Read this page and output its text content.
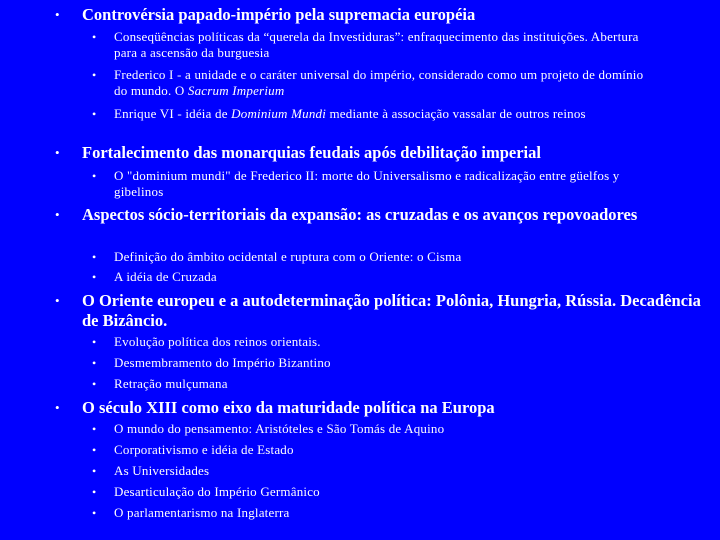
• Controvérsia papado-império pela supremacia européia
• Conseqüências políticas da “querela da Investiduras”: enfraquecimento das instituições. Abertura para a ascensão da burguesia
• Frederico I - a unidade e o caráter universal do império, considerado como um projeto de domínio do mundo. O Sacrum Imperium
• Enrique VI - idéia de Dominium Mundi mediante à associação vassalar de outros reinos
• Fortalecimento das monarquias feudais após debilitação imperial
• O "dominium mundi" de Frederico II: morte do Universalismo e radicalização entre güelfos y gibelinos
• Aspectos sócio-territoriais da expansão: as cruzadas e os avanços repovoadores
• Definição do âmbito ocidental e ruptura com o Oriente: o Cisma
• A idéia de Cruzada
• O Oriente europeu e a autodeterminação política: Polônia, Hungria, Rússia. Decadência de Bizâncio.
• Evolução política dos reinos orientais.
• Desmembramento do Império Bizantino
• Retração mulçumana
• O século XIII como eixo da maturidade política na Europa
• O mundo do pensamento: Aristóteles e São Tomás de Aquino
• Corporativismo e idéia de Estado
• As Universidades
• Desarticulação do Império Germânico
• O parlamentarismo na Inglaterra
